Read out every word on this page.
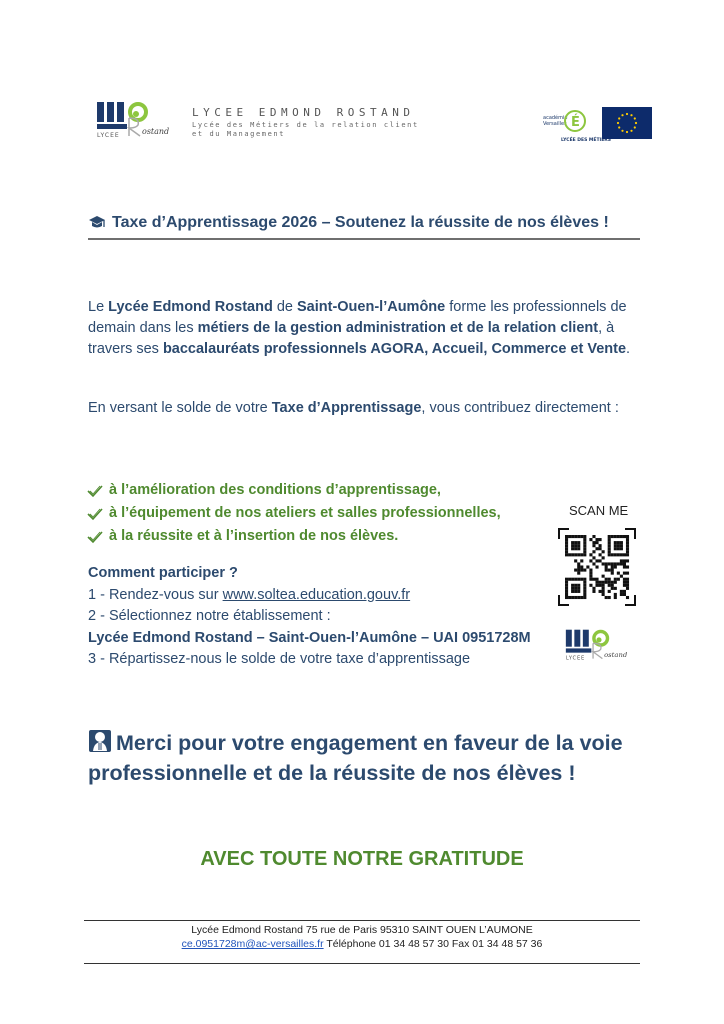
LYCEE	ostand
LYCEE EDMOND ROSTAND
Lycée des Métiers de la relation client et du Management
académie
Versailles É
LYCÉE DES MÉTIERS
Taxe d’Apprentissage 2026 – Soutenez la réussite de nos élèves !
Le Lycée Edmond Rostand de Saint-Ouen-l’Aumône forme les professionnels de demain dans les métiers de la gestion administration et de la relation client, à travers ses baccalauréats professionnels AGORA, Accueil, Commerce et Vente.
En versant le solde de votre Taxe d’Apprentissage, vous contribuez directement :
à l’amélioration des conditions d’apprentissage,
à l’équipement de nos ateliers et salles professionnelles,
à la réussite et à l’insertion de nos élèves.
Comment participer ?
1 - Rendez-vous sur www.soltea.education.gouv.fr
2 - Sélectionnez notre établissement :
Lycée Edmond Rostand – Saint-Ouen-l’Aumône – UAI 0951728M
3 - Répartissez-nous le solde de votre taxe d’apprentissage
SCAN ME
LYCEE ostand
Merci pour votre engagement en faveur de la voie professionnelle et de la réussite de nos élèves !
AVEC TOUTE NOTRE GRATITUDE
Lycée Edmond Rostand 75 rue de Paris 95310 SAINT OUEN L’AUMONE
ce.0951728m@ac-versailles.fr Téléphone 01 34 48 57 30 Fax 01 34 48 57 36
